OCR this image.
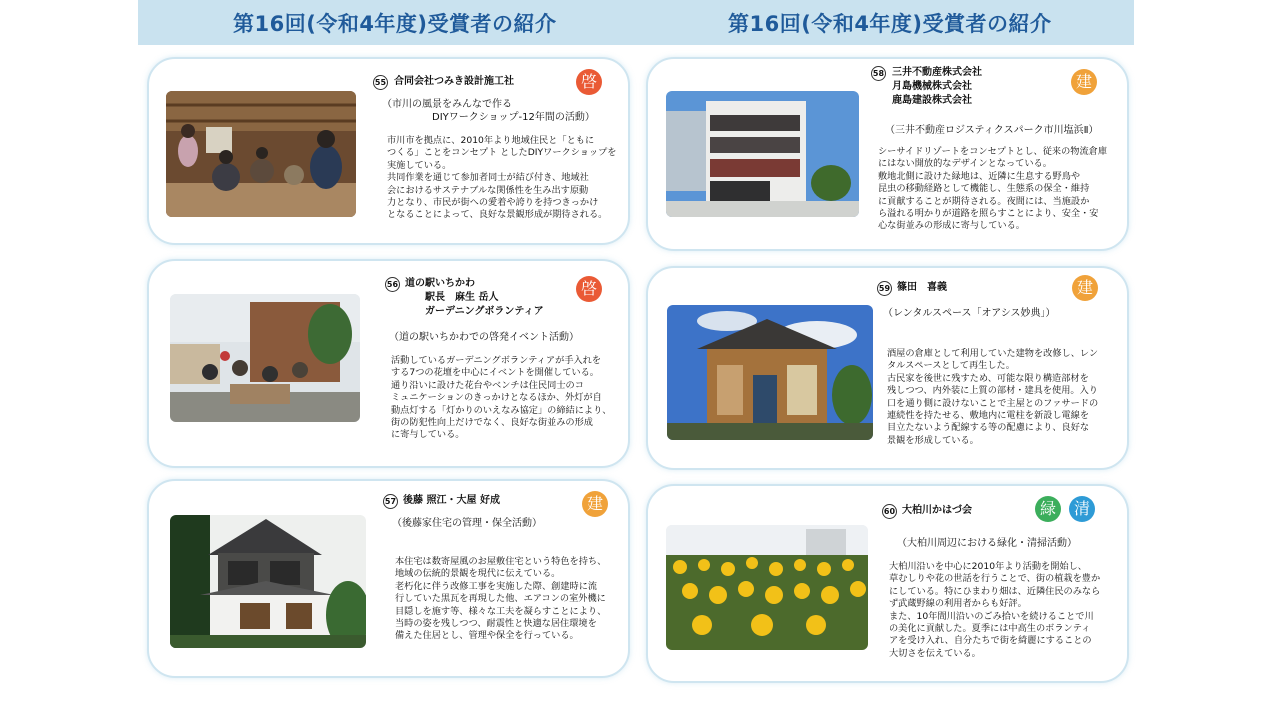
第16回(令和4年度)受賞者の紹介	第16回(令和4年度)受賞者の紹介
55 合同会社つみき設計施工社	啓
（市川の風景をみんなで作る
　　　　　DIYワークショップ-12年間の活動）
市川市を拠点に、2010年より地域住民と「ともに
つくる」ことをコンセプト としたDIYワークショップを
実施している。
共同作業を通じて参加者同士が結び付き、地域社
会におけるサステナブルな関係性を生み出す原動
力となり、市民が街への愛着や誇りを持つきっかけ
となることによって、良好な景観形成が期待される。
56 道の駅いちかわ
　　駅長　麻生 岳人
　　ガーデニングボランティア
啓
（道の駅いちかわでの啓発イベント活動）
活動しているガーデニングボランティアが手入れを
する7つの花壇を中心にイベントを開催している。
通り沿いに設けた花台やベンチは住民同士のコ
ミュニケーションのきっかけとなるほか、外灯が自
動点灯する「灯かりのいえなみ協定」の締結により、
街の防犯性向上だけでなく、良好な街並みの形成
に寄与している。
57 後藤 照江・大屋 好成	建
（後藤家住宅の管理・保全活動）
本住宅は数寄屋風のお屋敷住宅という特色を持ち、
地域の伝統的景観を現代に伝えている。
老朽化に伴う改修工事を実施した際、創建時に流
行していた黒瓦を再現した他、エアコンの室外機に
目隠しを施す等、様々な工夫を凝らすことにより、
当時の姿を残しつつ、耐震性と快適な居住環境を
備えた住居とし、管理や保全を行っている。
58 三井不動産株式会社
月島機械株式会社
鹿島建設株式会社
建
（三井不動産ロジスティクスパーク市川塩浜Ⅱ）
シーサイドリゾートをコンセプトとし、従来の物流倉庫
にはない開放的なデザインとなっている。
敷地北側に設けた緑地は、近隣に生息する野鳥や
昆虫の移動経路として機能し、生態系の保全・維持
に貢献することが期待される。夜間には、当施設か
ら溢れる明かりが道路を照らすことにより、安全・安
心な街並みの形成に寄与している。
59 篠田　喜義	建
（レンタルスペース「オアシス妙典」）
酒屋の倉庫として利用していた建物を改修し、レン
タルスペースとして再生した。
古民家を後世に残すため、可能な限り構造部材を
残しつつ、内外装に上質の部材・建具を使用。入り
口を通り側に設けないことで主屋とのファサードの
連続性を持たせる、敷地内に電柱を新設し電線を
目立たないよう配線する等の配慮により、良好な
景観を形成している。
60 大柏川かはづ会	緑	清
（大柏川周辺における緑化・清掃活動）
大柏川沿いを中心に2010年より活動を開始し、
草むしりや花の世話を行うことで、街の植栽を豊か
にしている。特にひまわり畑は、近隣住民のみなら
ず武蔵野線の利用者からも好評。
また、10年間川沿いのごみ拾いを続けることで川
の美化に貢献した。夏季には中高生のボランティ
アを受け入れ、自分たちで街を綺麗にすることの
大切さを伝えている。
